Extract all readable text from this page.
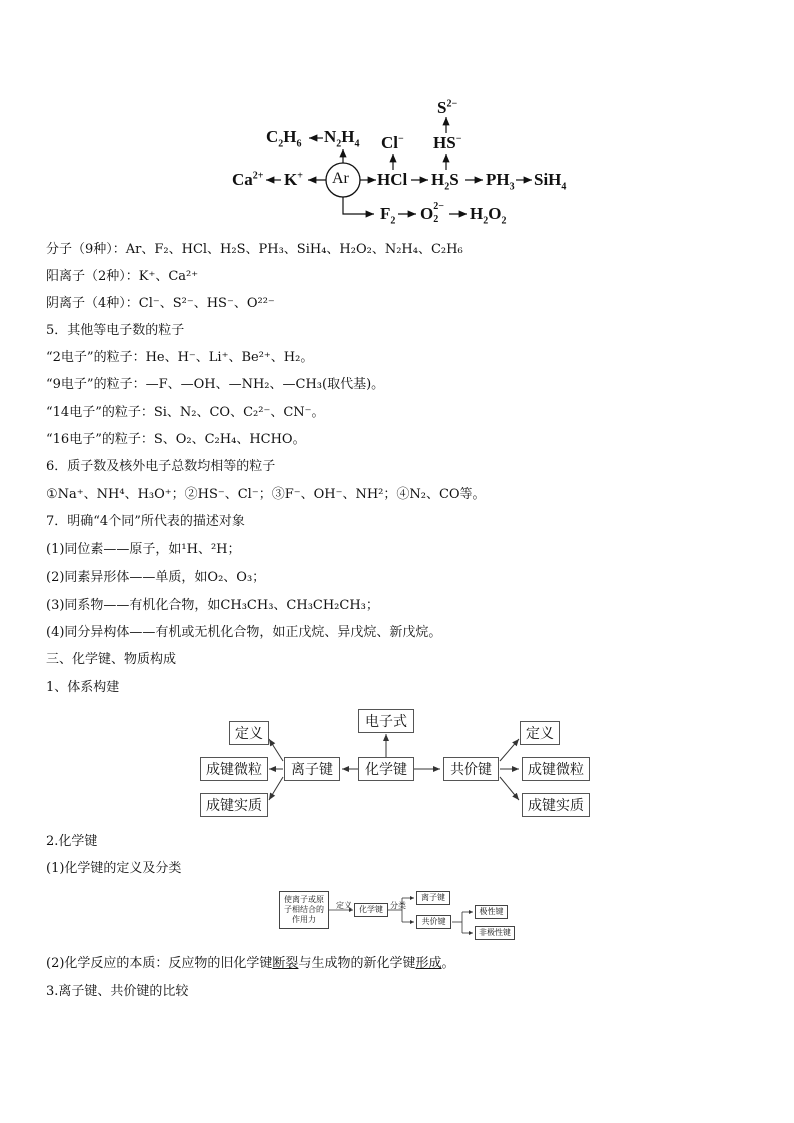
Ar
$S^{2-}$
HS−
$C_2H_6$ $N_2H_4$ Cl−
$Ca^{2+}$ K+	HCl $H_2S$ $PH_3$ SiH$_4$
$F_2$ O 2−
2 $H_2O_2$
分子（9种）：Ar、F₂、HCl、H₂S、PH₃、SiH₄、H₂O₂、N₂H₄、C₂H₆
阳离子（2种）：K⁺、Ca²⁺
阴离子（4种）：Cl⁻、S²⁻、HS⁻、O²²⁻
5．其他等电子数的粒子
“2电子”的粒子：He、H⁻、Li⁺、Be²⁺、H₂。
“9电子”的粒子：—F、—OH、—NH₂、—CH₃(取代基)。
“14电子”的粒子：Si、N₂、CO、C₂²⁻、CN⁻。
“16电子”的粒子：S、O₂、C₂H₄、HCHO。
6．质子数及核外电子总数均相等的粒子
①Na⁺、NH⁴、H₃O⁺；②HS⁻、Cl⁻；③F⁻、OH⁻、NH²；④N₂、CO等。
7．明确“4个同”所代表的描述对象
(1)同位素——原子，如¹H、²H；
(2)同素异形体——单质，如O₂、O₃；
(3)同系物——有机化合物，如CH₃CH₃、CH₃CH₂CH₃；
(4)同分异构体——有机或无机化合物，如正戊烷、异戊烷、新戊烷。
三、化学键、物质构成
1、体系构建
定义
成键微粒
成键实质
离子键	化学键
电子式
共价键
定义
成键微粒
成键实质
2.化学键
(1)化学键的定义及分类
使离子或原子相结合的作用力
定义 化学键 分类
离子键
共价键
极性键
非极性键
(2)化学反应的本质：反应物的旧化学键断裂与生成物的新化学键形成。
3.离子键、共价键的比较
